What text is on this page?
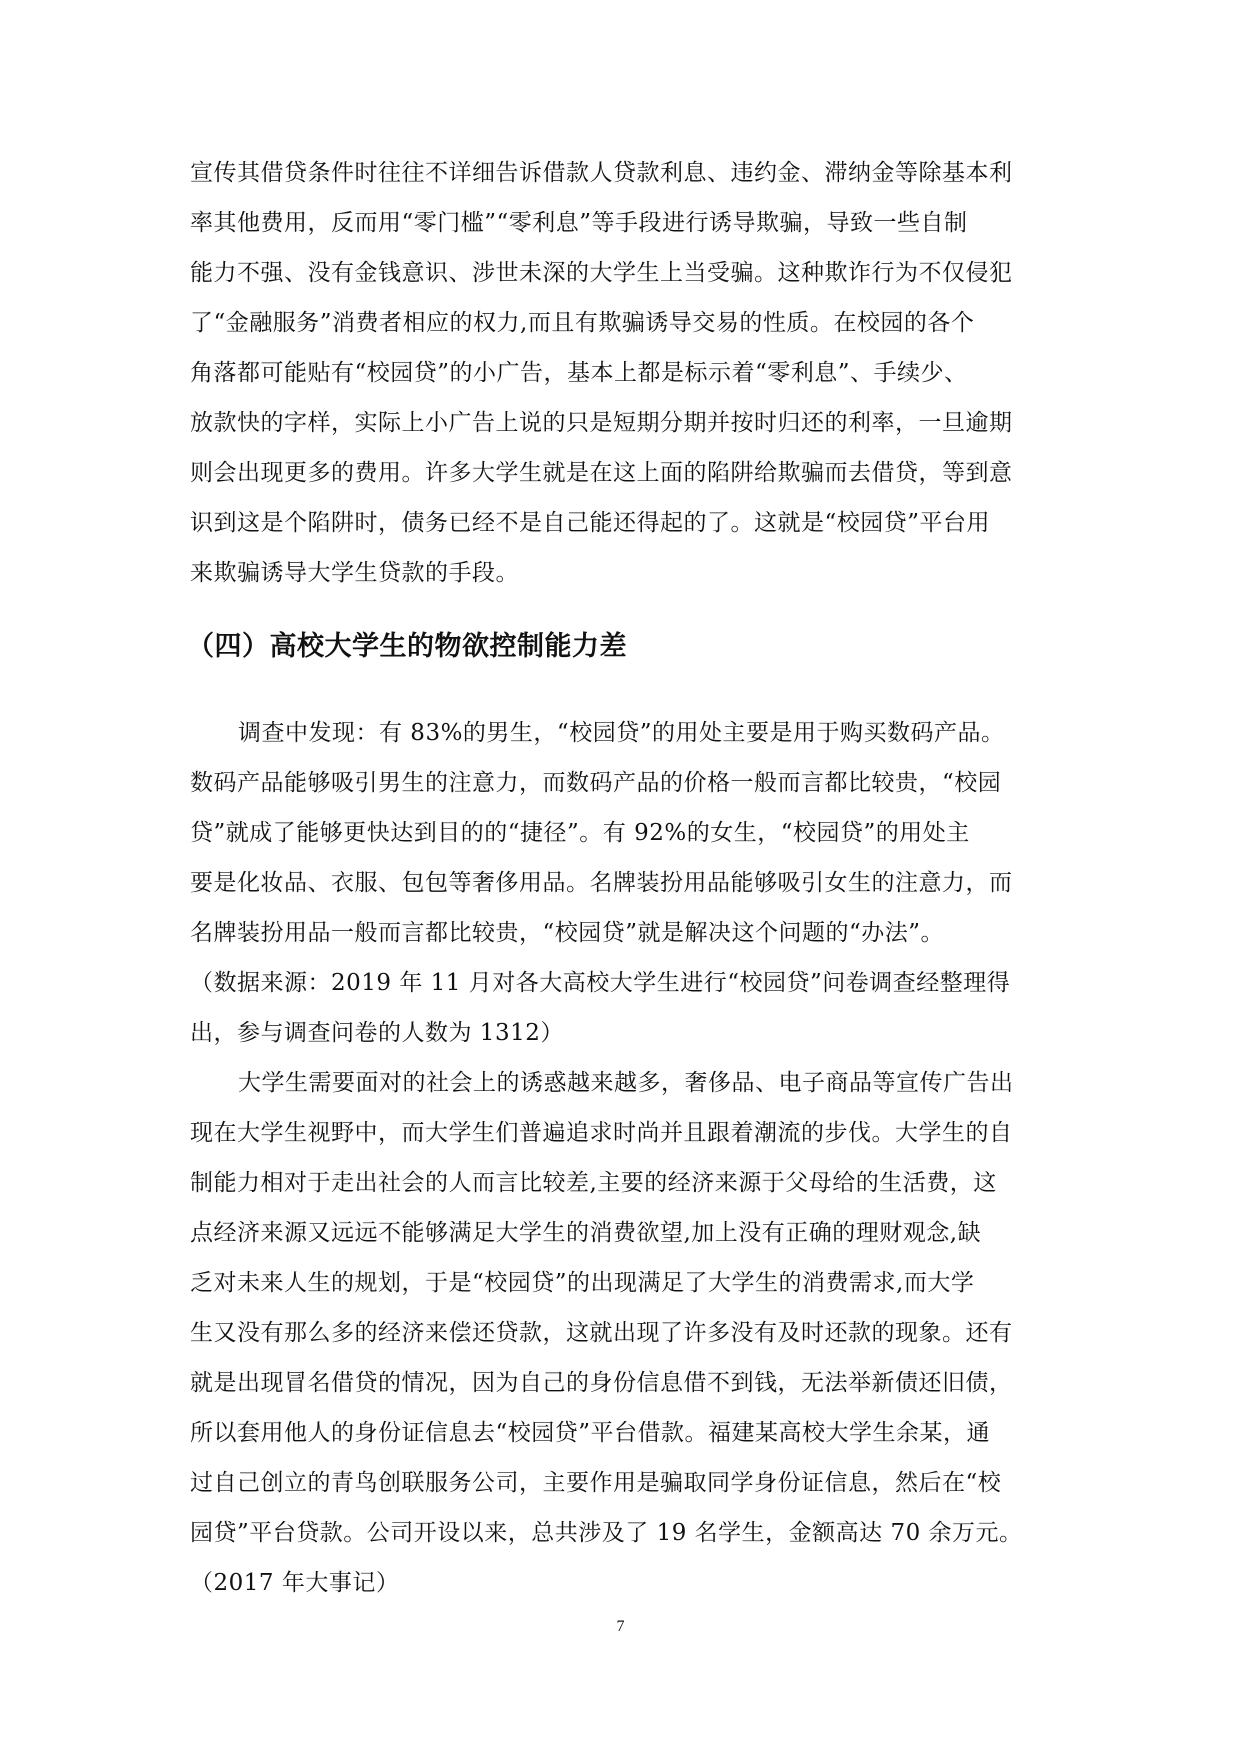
宣传其借贷条件时往往不详细告诉借款人贷款利息、违约金、滞纳金等除基本利
率其他费用，反而用“零门槛”“零利息”等手段进行诱导欺骗，导致一些自制
能力不强、没有金钱意识、涉世未深的大学生上当受骗。这种欺诈行为不仅侵犯
了“金融服务”消费者相应的权力,而且有欺骗诱导交易的性质。在校园的各个
角落都可能贴有“校园贷”的小广告，基本上都是标示着“零利息”、手续少、
放款快的字样，实际上小广告上说的只是短期分期并按时归还的利率，一旦逾期
则会出现更多的费用。许多大学生就是在这上面的陷阱给欺骗而去借贷，等到意
识到这是个陷阱时，债务已经不是自己能还得起的了。这就是“校园贷”平台用
来欺骗诱导大学生贷款的手段。
（四）高校大学生的物欲控制能力差
调查中发现：有 83%的男生，“校园贷”的用处主要是用于购买数码产品。
数码产品能够吸引男生的注意力，而数码产品的价格一般而言都比较贵，“校园
贷”就成了能够更快达到目的的“捷径”。有 92%的女生，“校园贷”的用处主
要是化妆品、衣服、包包等奢侈用品。名牌装扮用品能够吸引女生的注意力，而
名牌装扮用品一般而言都比较贵，“校园贷”就是解决这个问题的“办法”。
（数据来源：2019 年 11 月对各大高校大学生进行“校园贷”问卷调查经整理得
出，参与调查问卷的人数为 1312）
大学生需要面对的社会上的诱惑越来越多，奢侈品、电子商品等宣传广告出
现在大学生视野中，而大学生们普遍追求时尚并且跟着潮流的步伐。大学生的自
制能力相对于走出社会的人而言比较差,主要的经济来源于父母给的生活费，这
点经济来源又远远不能够满足大学生的消费欲望,加上没有正确的理财观念,缺
乏对未来人生的规划，于是“校园贷”的出现满足了大学生的消费需求,而大学
生又没有那么多的经济来偿还贷款，这就出现了许多没有及时还款的现象。还有
就是出现冒名借贷的情况，因为自己的身份信息借不到钱，无法举新债还旧债，
所以套用他人的身份证信息去“校园贷”平台借款。福建某高校大学生余某，通
过自己创立的青鸟创联服务公司，主要作用是骗取同学身份证信息，然后在“校
园贷”平台贷款。公司开设以来，总共涉及了 19 名学生，金额高达 70 余万元。
（2017 年大事记）
7
